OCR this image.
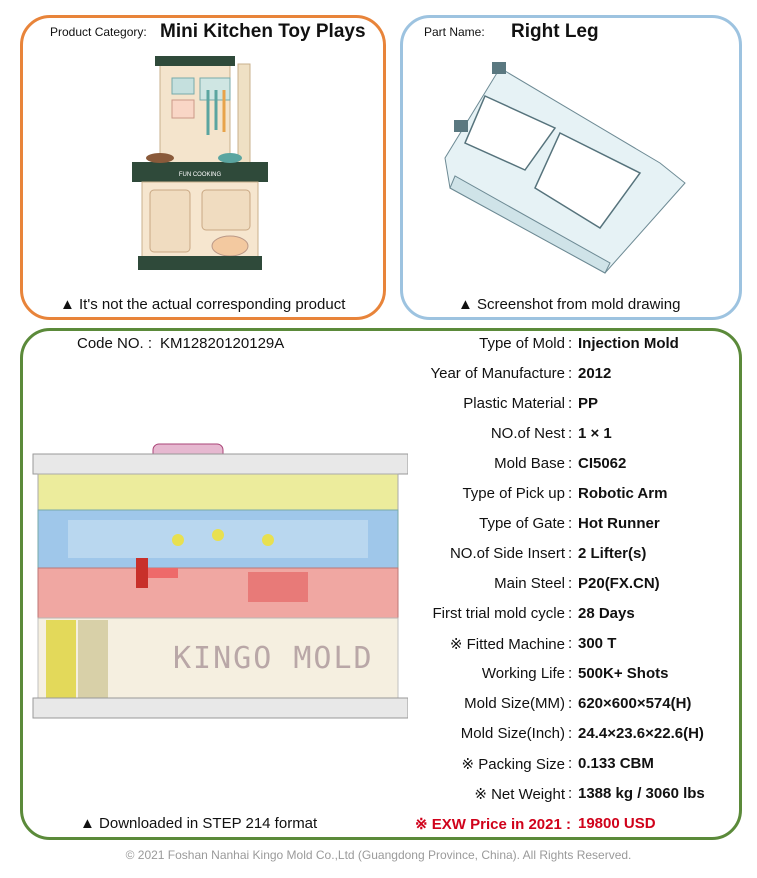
Product Category: Mini Kitchen Toy Plays
FUN COOKING
▲ It's not the actual corresponding product
Part Name: Right Leg
▲ Screenshot from mold drawing
Code NO. : KM12820120129A
KINGO MOLD
Type of Mold : Injection Mold
Year of Manufacture : 2012
Plastic Material : PP
NO.of Nest : 1 × 1
Mold Base : CI5062
Type of Pick up : Robotic Arm
Type of Gate : Hot Runner
NO.of Side Insert : 2 Lifter(s)
Main Steel : P20(FX.CN)
First trial mold cycle : 28 Days
※ Fitted Machine : 300 T
Working Life : 500K+ Shots
Mold Size(MM) : 620×600×574(H)
Mold Size(Inch) : 24.4×23.6×22.6(H)
※ Packing Size : 0.133 CBM
※ Net Weight : 1388 kg / 3060 lbs
▲ Downloaded in STEP 214 format	※ EXW Price in 2021 : 19800 USD
© 2021 Foshan Nanhai Kingo Mold Co.,Ltd (Guangdong Province, China). All Rights Reserved.
